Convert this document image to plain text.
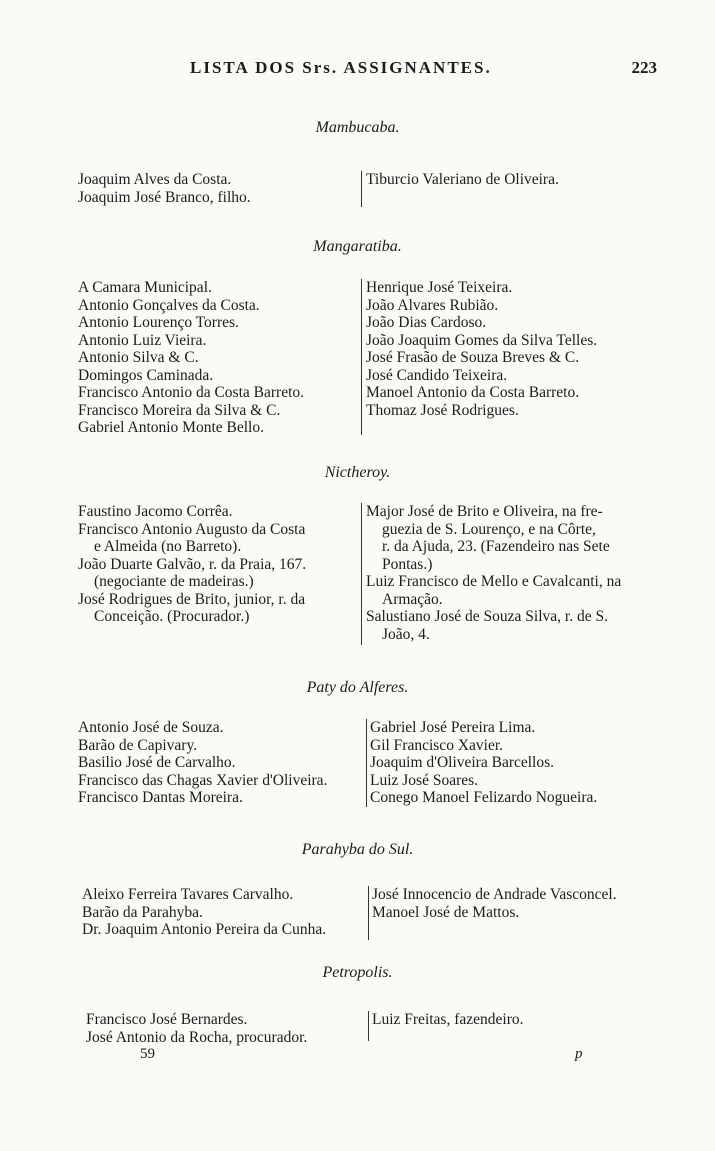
LISTA DOS Srs. ASSIGNANTES.	223
Mambucaba.
Joaquim Alves da Costa.
Joaquim José Branco, filho.
Tiburcio Valeriano de Oliveira.
Mangaratiba.
A Camara Municipal.
Antonio Gonçalves da Costa.
Antonio Lourenço Torres.
Antonio Luiz Vieira.
Antonio Silva & C.
Domingos Caminada.
Francisco Antonio da Costa Barreto.
Francisco Moreira da Silva & C.
Gabriel Antonio Monte Bello.
Henrique José Teixeira.
João Alvares Rubião.
João Dias Cardoso.
João Joaquim Gomes da Silva Telles.
José Frasão de Souza Breves & C.
José Candido Teixeira.
Manoel Antonio da Costa Barreto.
Thomaz José Rodrigues.
Nictheroy.
Faustino Jacomo Corrêa.
Francisco Antonio Augusto da Costa
e Almeida (no Barreto).
João Duarte Galvão, r. da Praia, 167.
(negociante de madeiras.)
José Rodrigues de Brito, junior, r. da
Conceição. (Procurador.)
Major José de Brito e Oliveira, na fre-
guezia de S. Lourenço, e na Côrte,
r. da Ajuda, 23. (Fazendeiro nas Sete
Pontas.)
Luiz Francisco de Mello e Cavalcanti, na
Armação.
Salustiano José de Souza Silva, r. de S.
João, 4.
Paty do Alferes.
Antonio José de Souza.
Barão de Capivary.
Basilio José de Carvalho.
Francisco das Chagas Xavier d'Oliveira.
Francisco Dantas Moreira.
Gabriel José Pereira Lima.
Gil Francisco Xavier.
Joaquim d'Oliveira Barcellos.
Luiz José Soares.
Conego Manoel Felizardo Nogueira.
Parahyba do Sul.
Aleixo Ferreira Tavares Carvalho.
Barão da Parahyba.
Dr. Joaquim Antonio Pereira da Cunha.
José Innocencio de Andrade Vasconcel.
Manoel José de Mattos.
Petropolis.
Francisco José Bernardes.
José Antonio da Rocha, procurador.
Luiz Freitas, fazendeiro.
59	p
